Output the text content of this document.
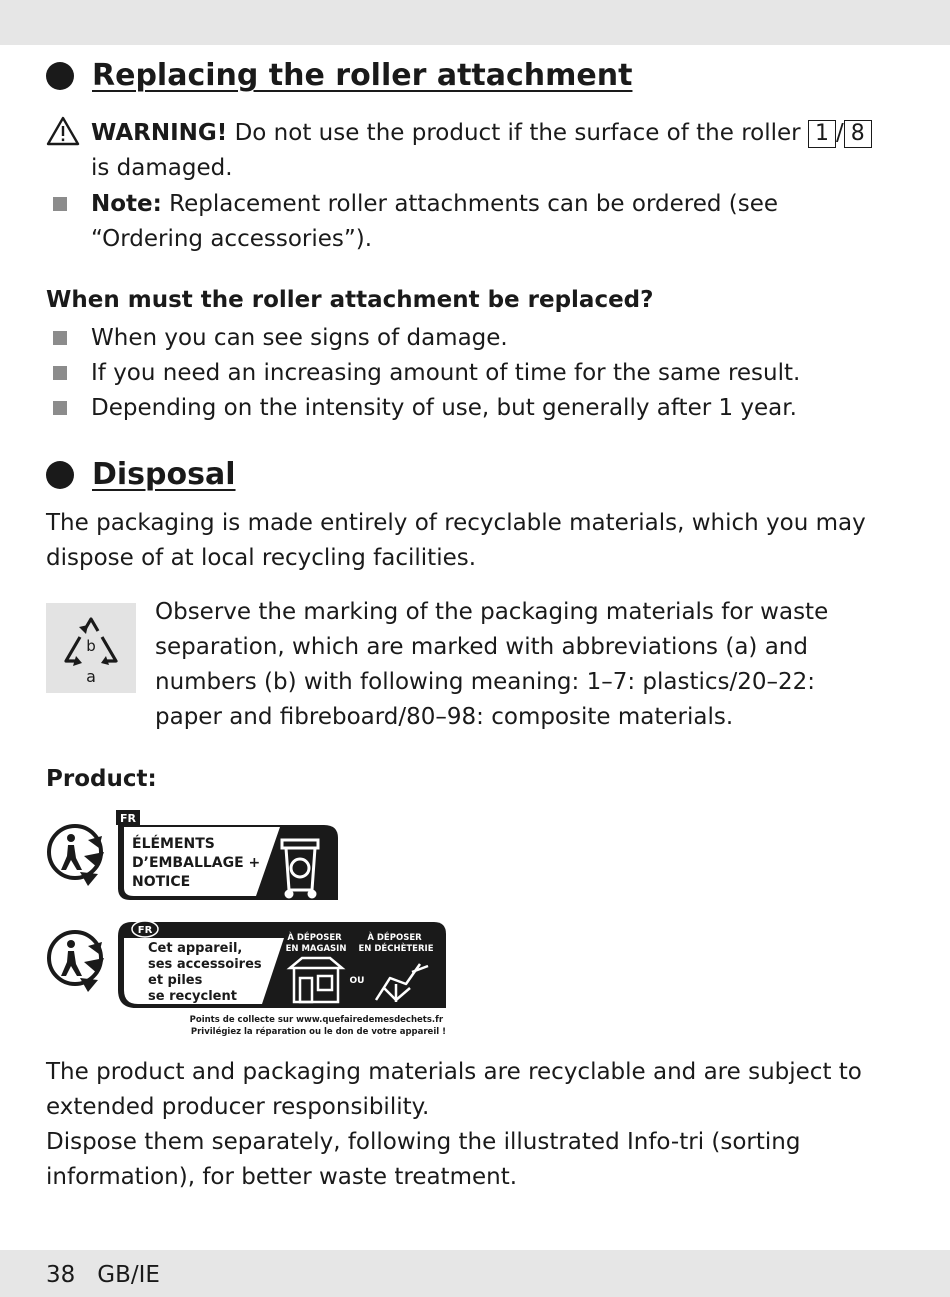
Replacing the roller attachment
WARNING! Do not use the product if the surface of the roller 1 / 8 is damaged.
Note: Replacement roller attachments can be ordered (see “Ordering accessories”).
When must the roller attachment be replaced?
When you can see signs of damage.
If you need an increasing amount of time for the same result.
Depending on the intensity of use, but generally after 1 year.
Disposal
The packaging is made entirely of recyclable materials, which you may dispose of at local recycling facilities.
b
a
Observe the marking of the packaging materials for waste separation, which are marked with abbreviations (a) and numbers (b) with following meaning: 1–7: plastics/20–22: paper and fibreboard/80–98: composite materials.
Product:
FR
ÉLÉMENTS D’EMBALLAGE + NOTICE
FR
Cet appareil, ses accessoires et piles se recyclent
À DÉPOSER EN MAGASIN
À DÉPOSER EN DÉCHÈTERIE
OU
Points de collecte sur www.quefairedemesdechets.fr Privilégiez la réparation ou le don de votre appareil !
The product and packaging materials are recyclable and are subject to extended producer responsibility.
Dispose them separately, following the illustrated Info-tri (sorting information), for better waste treatment.
38 GB/IE
